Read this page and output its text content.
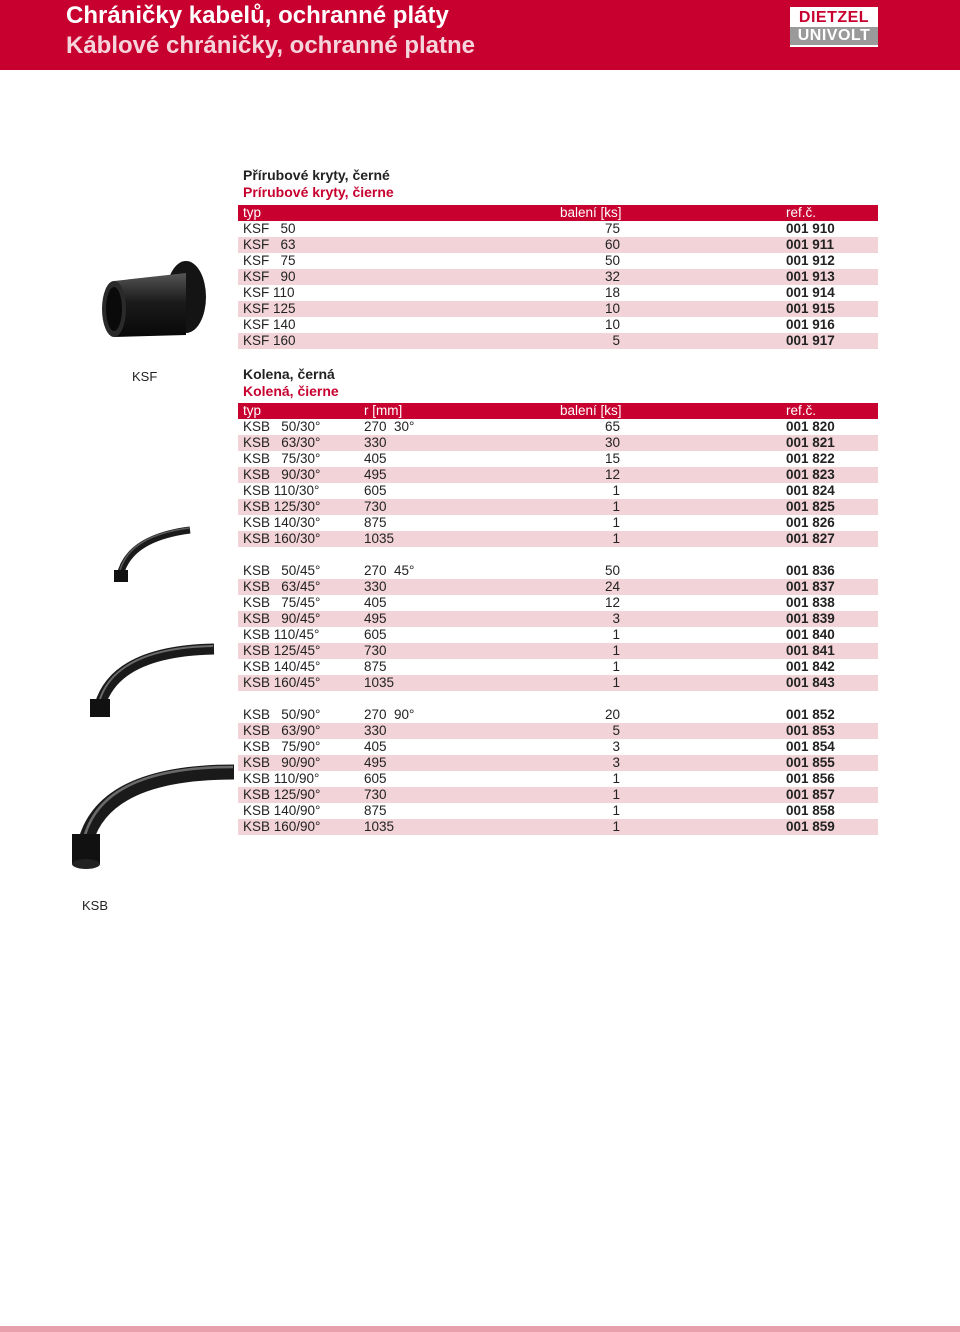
Chráničky kabelů, ochranné pláty
Káblové chráničky, ochranné platne
DIETZEL
UNIVOLT
Přírubové kryty, černé
Prírubové kryty, čierne
typ	balení [ks]	ref.č.
KSF   50	75	001 910
KSF   63	60	001 911
KSF   75	50	001 912
KSF   90	32	001 913
KSF 110	18	001 914
KSF 125	10	001 915
KSF 140	10	001 916
KSF 160	5	001 917
KSF	Kolena, černá
Kolená, čierne
typ	r [mm]	balení [ks]	ref.č.
KSB   50/30°	270  30°	65	001 820
KSB   63/30°	330	30	001 821
KSB   75/30°	405	15	001 822
KSB   90/30°	495	12	001 823
KSB 110/30°	605	1	001 824
KSB 125/30°	730	1	001 825
KSB 140/30°	875	1	001 826
KSB 160/30°	1035	1	001 827
KSB   50/45°	270  45°	50	001 836
KSB   63/45°	330	24	001 837
KSB   75/45°	405	12	001 838
KSB   90/45°	495	3	001 839
KSB 110/45°	605	1	001 840
KSB 125/45°	730	1	001 841
KSB 140/45°	875	1	001 842
KSB 160/45°	1035	1	001 843
KSB   50/90°	270  90°	20	001 852
KSB   63/90°	330	5	001 853
KSB   75/90°	405	3	001 854
KSB   90/90°	495	3	001 855
KSB 110/90°	605	1	001 856
KSB 125/90°	730	1	001 857
KSB 140/90°	875	1	001 858
KSB 160/90°	1035	1	001 859
KSB
